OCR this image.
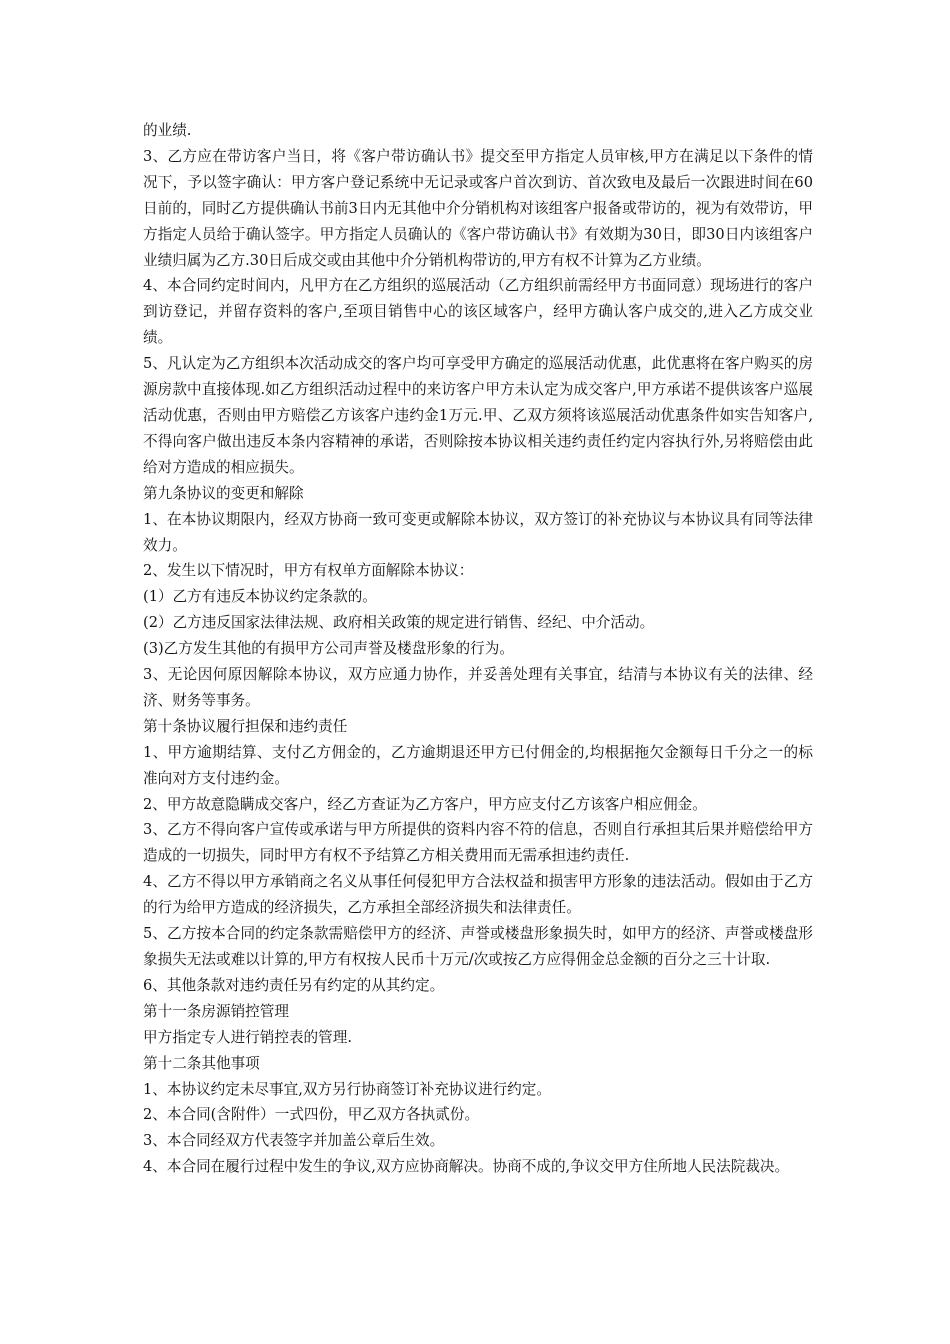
的业绩.

3、乙方应在带访客户当日，将《客户带访确认书》提交至甲方指定人员审核,甲方在满足以下条件的情况下，予以签字确认：甲方客户登记系统中无记录或客户首次到访、首次致电及最后一次跟进时间在60日前的，同时乙方提供确认书前3日内无其他中介分销机构对该组客户报备或带访的，视为有效带访，甲方指定人员给于确认签字。甲方指定人员确认的《客户带访确认书》有效期为30日，即30日内该组客户业绩归属为乙方.30日后成交或由其他中介分销机构带访的,甲方有权不计算为乙方业绩。

4、本合同约定时间内，凡甲方在乙方组织的巡展活动（乙方组织前需经甲方书面同意）现场进行的客户到访登记，并留存资料的客户,至项目销售中心的该区域客户，经甲方确认客户成交的,进入乙方成交业绩。

5、凡认定为乙方组织本次活动成交的客户均可享受甲方确定的巡展活动优惠，此优惠将在客户购买的房源房款中直接体现.如乙方组织活动过程中的来访客户甲方未认定为成交客户,甲方承诺不提供该客户巡展活动优惠，否则由甲方赔偿乙方该客户违约金1万元.甲、乙双方须将该巡展活动优惠条件如实告知客户,不得向客户做出违反本条内容精神的承诺，否则除按本协议相关违约责任约定内容执行外,另将赔偿由此给对方造成的相应损失。

第九条协议的变更和解除

1、在本协议期限内，经双方协商一致可变更或解除本协议，双方签订的补充协议与本协议具有同等法律效力。

2、发生以下情况时，甲方有权单方面解除本协议：

(1）乙方有违反本协议约定条款的。

(2）乙方违反国家法律法规、政府相关政策的规定进行销售、经纪、中介活动。

(3)乙方发生其他的有损甲方公司声誉及楼盘形象的行为。

3、无论因何原因解除本协议，双方应通力协作，并妥善处理有关事宜，结清与本协议有关的法律、经济、财务等事务。

第十条协议履行担保和违约责任

1、甲方逾期结算、支付乙方佣金的，乙方逾期退还甲方已付佣金的,均根据拖欠金额每日千分之一的标准向对方支付违约金。

2、甲方故意隐瞒成交客户，经乙方查证为乙方客户，甲方应支付乙方该客户相应佣金。

3、乙方不得向客户宣传或承诺与甲方所提供的资料内容不符的信息，否则自行承担其后果并赔偿给甲方造成的一切损失，同时甲方有权不予结算乙方相关费用而无需承担违约责任.

4、乙方不得以甲方承销商之名义从事任何侵犯甲方合法权益和损害甲方形象的违法活动。假如由于乙方的行为给甲方造成的经济损失，乙方承担全部经济损失和法律责任。

5、乙方按本合同的约定条款需赔偿甲方的经济、声誉或楼盘形象损失时，如甲方的经济、声誉或楼盘形象损失无法或难以计算的,甲方有权按人民币十万元/次或按乙方应得佣金总金额的百分之三十计取.

6、其他条款对违约责任另有约定的从其约定。

第十一条房源销控管理

甲方指定专人进行销控表的管理.

第十二条其他事项

1、本协议约定未尽事宜,双方另行协商签订补充协议进行约定。

2、本合同(含附件）一式四份，甲乙双方各执贰份。

3、本合同经双方代表签字并加盖公章后生效。

4、本合同在履行过程中发生的争议,双方应协商解决。协商不成的,争议交甲方住所地人民法院裁决。
